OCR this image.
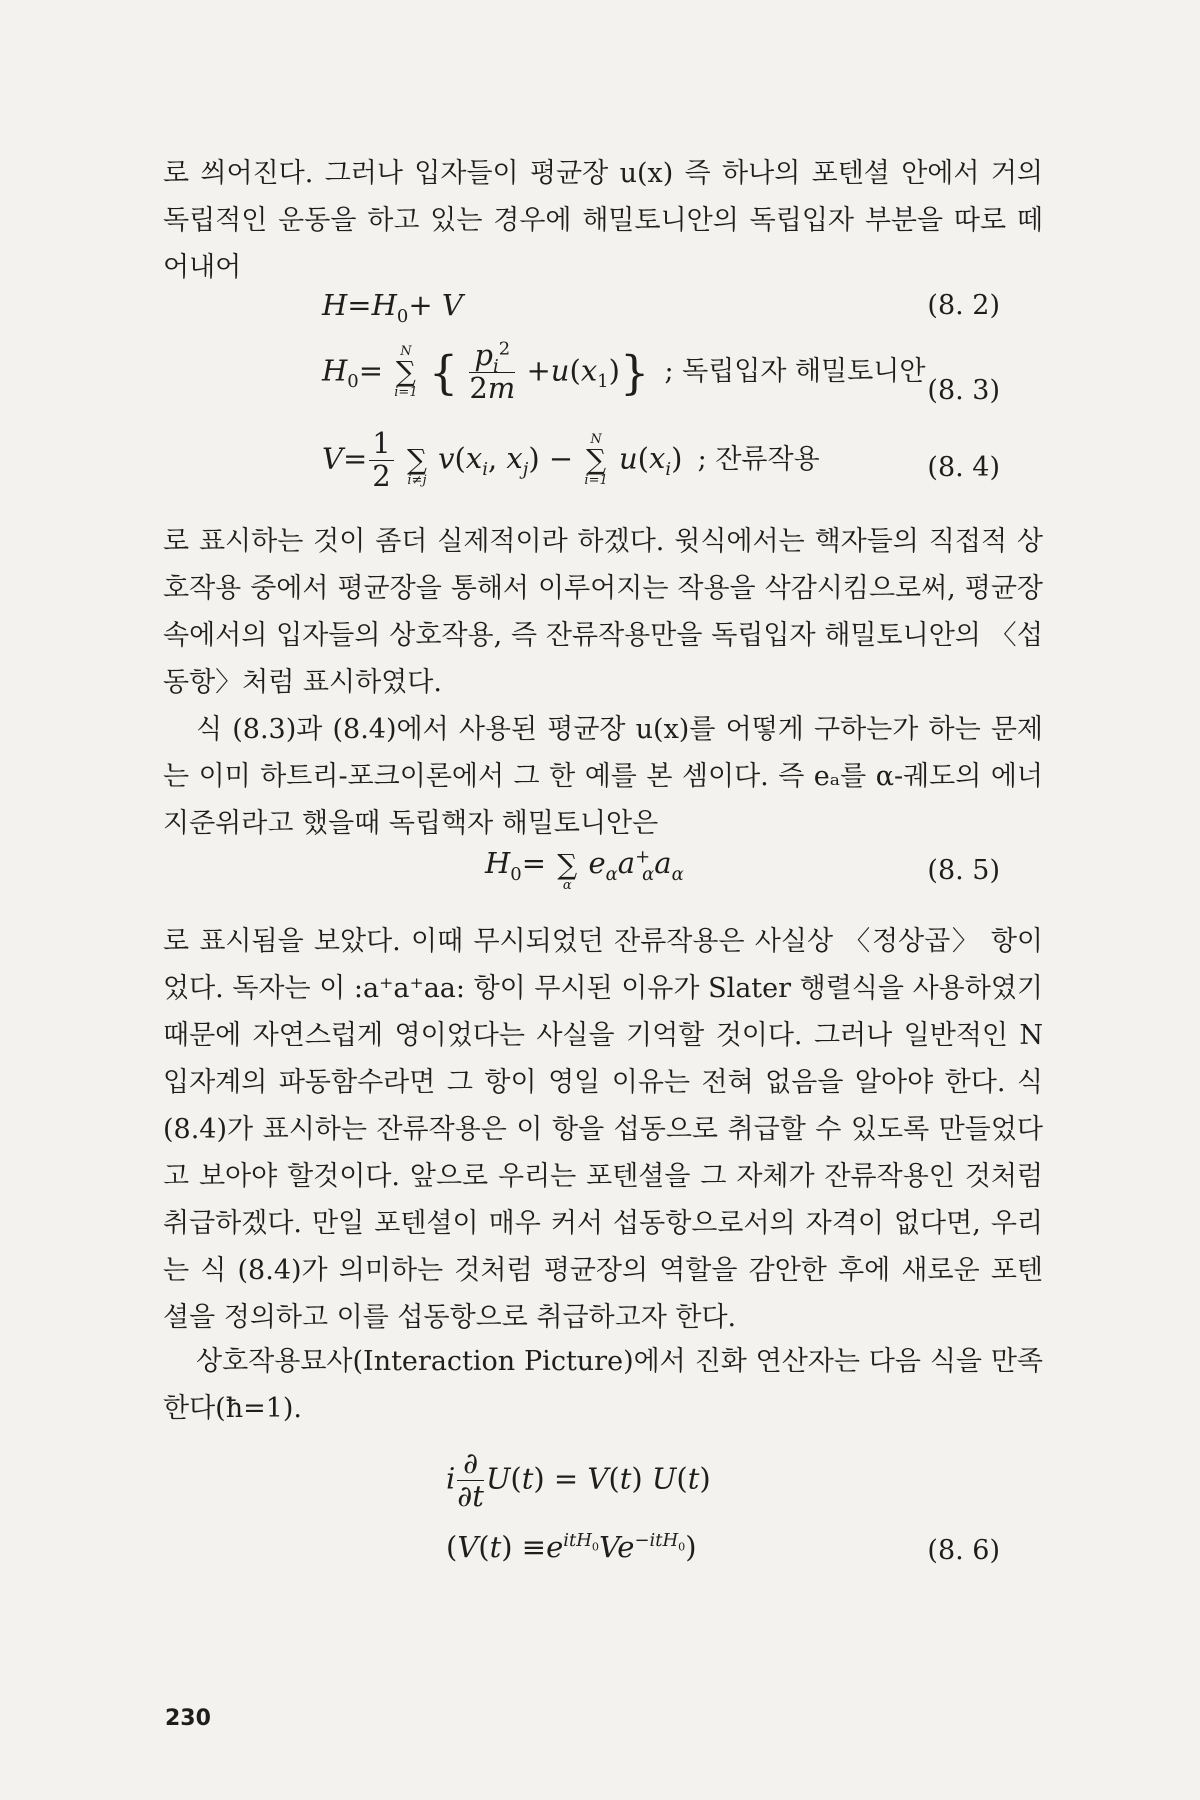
로 씌어진다. 그러나 입자들이 평균장 u(x) 즉 하나의 포텐셜 안에서 거의 독립적인 운동을 하고 있는 경우에 해밀토니안의 독립입자 부분을 따로 떼어내어

$H=H_0+ V$	(8. 2)
$H_0=$
N
∑
i=1 { $\frac{p_i^2}{2m} +u(x_1)$} ; 독립입자 해밀토니안
(8. 3)
$V= \frac{1}{2}$

∑
i≠j
$v(x_i$, $x_j$) −
N
∑
i=1
$u(x_i)$ ; 잔류작용	(8. 4)

로 표시하는 것이 좀더 실제적이라 하겠다. 윗식에서는 핵자들의 직접적 상호작용 중에서 평균장을 통해서 이루어지는 작용을 삭감시킴으로써, 평균장 속에서의 입자들의 상호작용, 즉 잔류작용만을 독립입자 해밀토니안의 〈섭동항〉처럼 표시하였다.

식 (8.3)과 (8.4)에서 사용된 평균장 u(x)를 어떻게 구하는가 하는 문제는 이미 하트리-포크이론에서 그 한 예를 본 셈이다. 즉 eₐ를 α-궤도의 에너지준위라고 했을때 독립핵자 해밀토니안은

$H_0=$
∑
α
$e_\alpha a^+_\alpha a_\alpha$	(8. 5)

로 표시됨을 보았다. 이때 무시되었던 잔류작용은 사실상 〈정상곱〉 항이었다. 독자는 이 :a⁺a⁺aa: 항이 무시된 이유가 Slater 행렬식을 사용하였기 때문에 자연스럽게 영이었다는 사실을 기억할 것이다. 그러나 일반적인 N입자계의 파동함수라면 그 항이 영일 이유는 전혀 없음을 알아야 한다. 식 (8.4)가 표시하는 잔류작용은 이 항을 섭동으로 취급할 수 있도록 만들었다고 보아야 할것이다. 앞으로 우리는 포텐셜을 그 자체가 잔류작용인 것처럼 취급하겠다. 만일 포텐셜이 매우 커서 섭동항으로서의 자격이 없다면, 우리는 식 (8.4)가 의미하는 것처럼 평균장의 역할을 감안한 후에 새로운 포텐셜을 정의하고 이를 섭동항으로 취급하고자 한다.

상호작용묘사(Interaction Picture)에서 진화 연산자는 다음 식을 만족한다(ħ=1).

i $\frac{\partial}{\partial t} U(t) = V(t)$ U(t)
$(V(t) \equiv e^{itH_0}Ve^{-itH_0})$	(8. 6)
230
